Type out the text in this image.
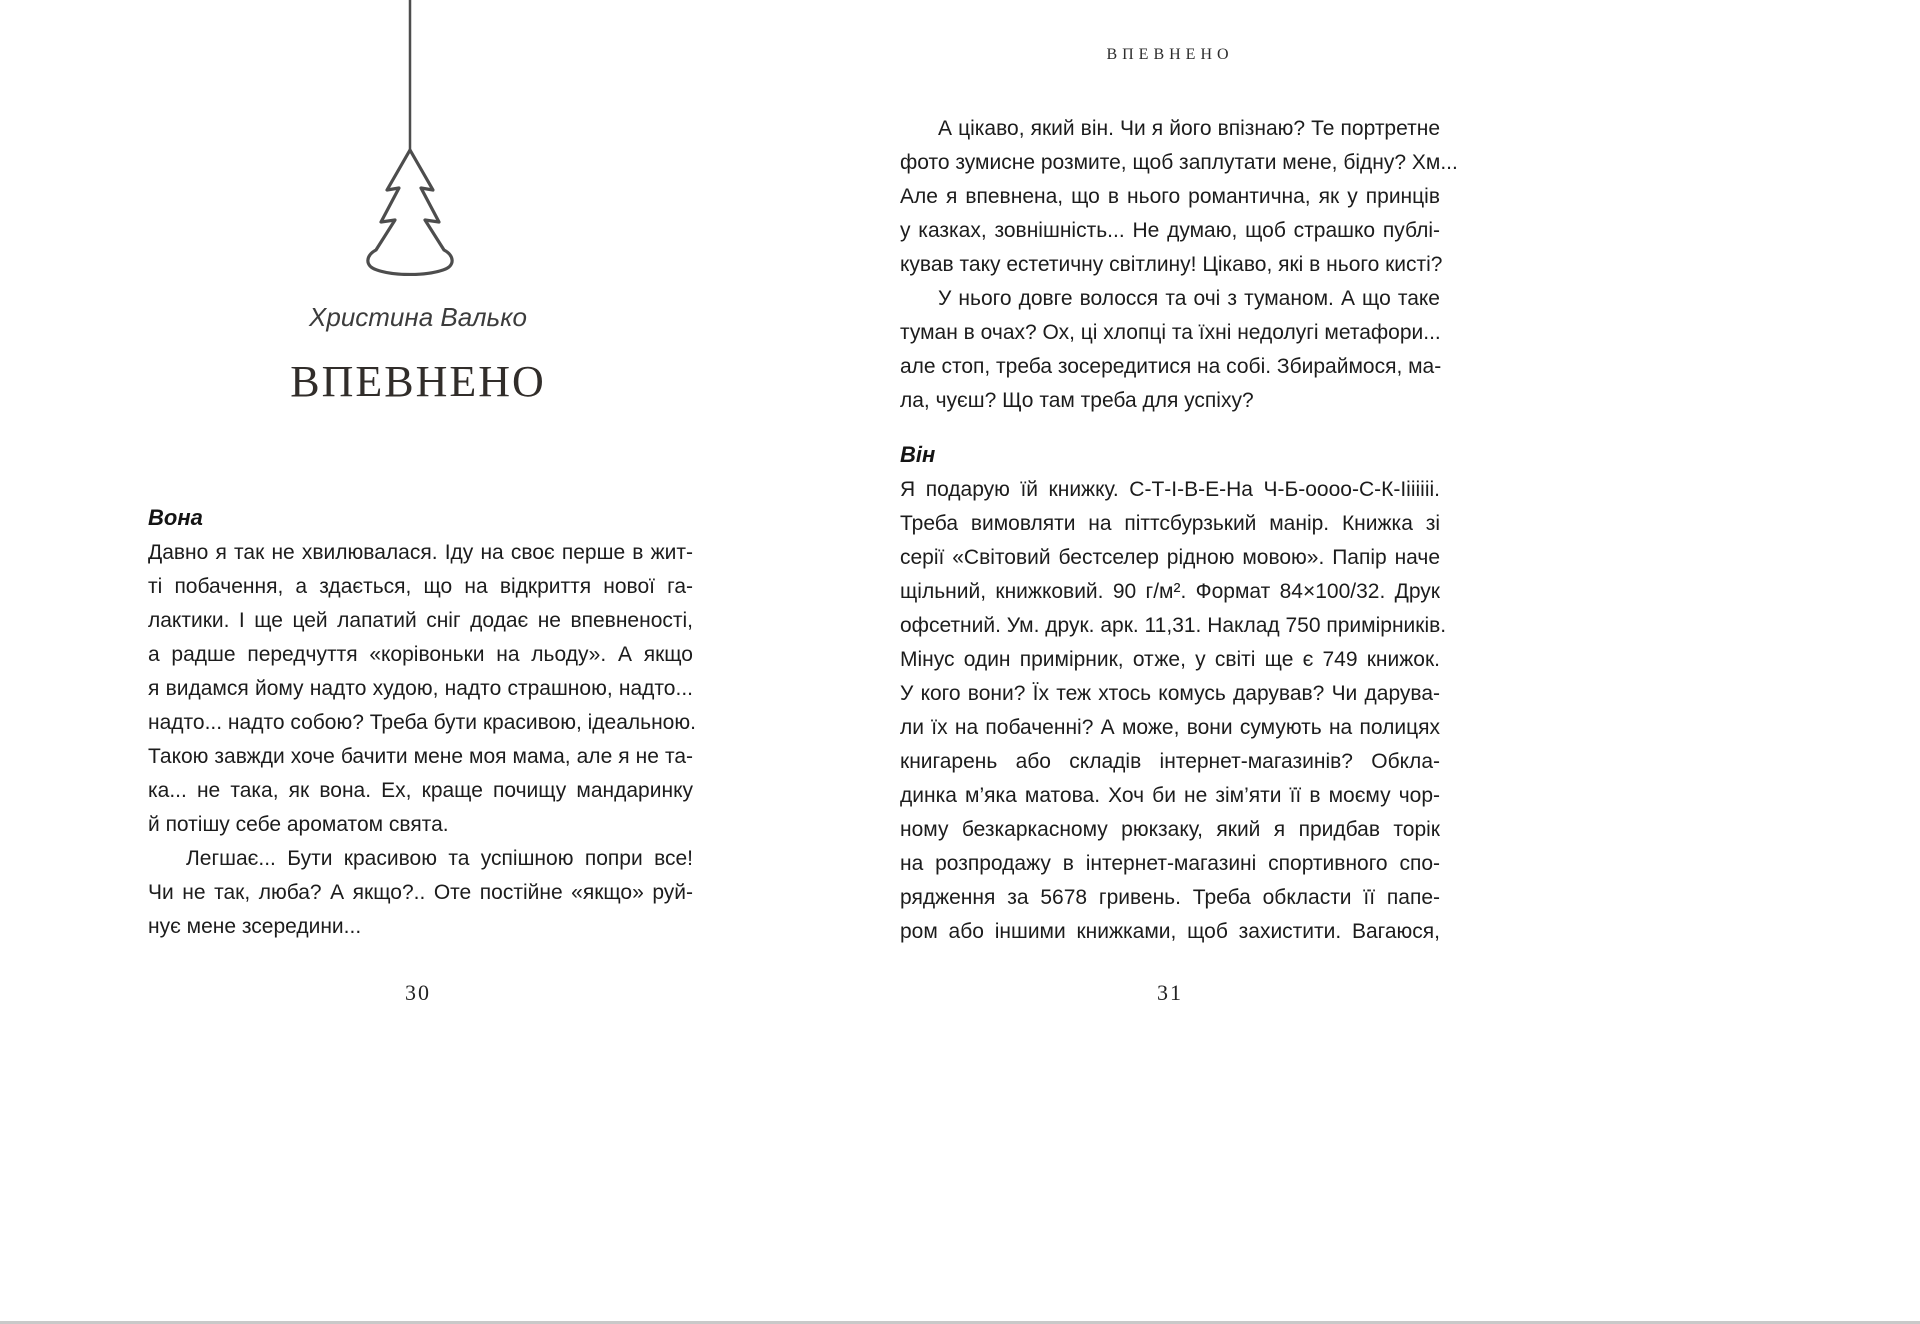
Христина Валько
ВПЕВНЕНО
Вона
Давно я так не хвилювалася. Іду на своє перше в жит-
ті побачення, а здається, що на відкриття нової га-
лактики. І ще цей лапатий сніг додає не впевненості,
а радше передчуття «корівоньки на льоду». А якщо
я видамся йому надто худою, надто страшною, надто...
надто... надто собою? Треба бути красивою, ідеальною.
Такою завжди хоче бачити мене моя мама, але я не та-
ка... не така, як вона. Ех, краще почищу мандаринку
й потішу себе ароматом свята.
Легшає... Бути красивою та успішною попри все!
Чи не так, люба? А якщо?.. Оте постійне «якщо» руй-
нує мене зсередини...
30
ВПЕВНЕНО
А цікаво, який він. Чи я його впізнаю? Те портретне
фото зумисне розмите, щоб заплутати мене, бідну? Хм...
Але я впевнена, що в нього романтична, як у принців
у казках, зовнішність... Не думаю, щоб страшко публі-
кував таку естетичну світлину! Цікаво, які в нього кисті?
У нього довге волосся та очі з туманом. А що таке
туман в очах? Ох, ці хлопці та їхні недолугі метафори...
але стоп, треба зосередитися на собі. Збираймося, ма-
ла, чуєш? Що там треба для успіху?
Він
Я подарую їй книжку. С-Т-І-В-Е-На Ч-Б-оооо-С-К-Ііііііі.
Треба вимовляти на піттсбурзький манір. Книжка зі
серії «Світовий бестселер рідною мовою». Папір наче
щільний, книжковий. 90 г/м². Формат 84×100/32. Друк
офсетний. Ум. друк. арк. 11,31. Наклад 750 примірників.
Мінус один примірник, отже, у світі ще є 749 книжок.
У кого вони? Їх теж хтось комусь дарував? Чи дарува-
ли їх на побаченні? А може, вони сумують на полицях
книгарень або складів інтернет-магазинів? Обкла-
динка м’яка матова. Хоч би не зім’яти її в моєму чор-
ному безкаркасному рюкзаку, який я придбав торік
на розпродажу в інтернет-магазині спортивного спо-
рядження за 5678 гривень. Треба обкласти її папе-
ром або іншими книжками, щоб захистити. Вагаюся,
31
